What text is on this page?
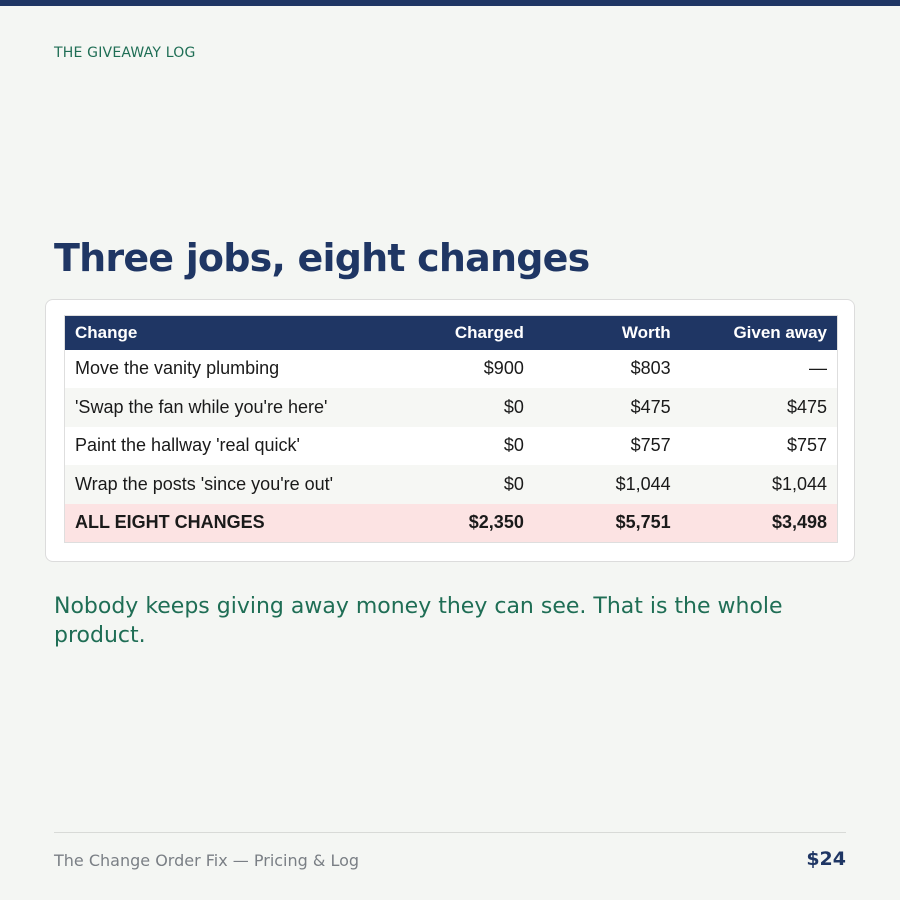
THE GIVEAWAY LOG
Three jobs, eight changes
Change	Charged	Worth	Given away
Move the vanity plumbing	$900	$803	—
'Swap the fan while you're here'	$0	$475	$475
Paint the hallway 'real quick'	$0	$757	$757
Wrap the posts 'since you're out'	$0	$1,044	$1,044
ALL EIGHT CHANGES	$2,350	$5,751	$3,498

Nobody keeps giving away money they can see. That is the whole product.

The Change Order Fix — Pricing & Log	$24
